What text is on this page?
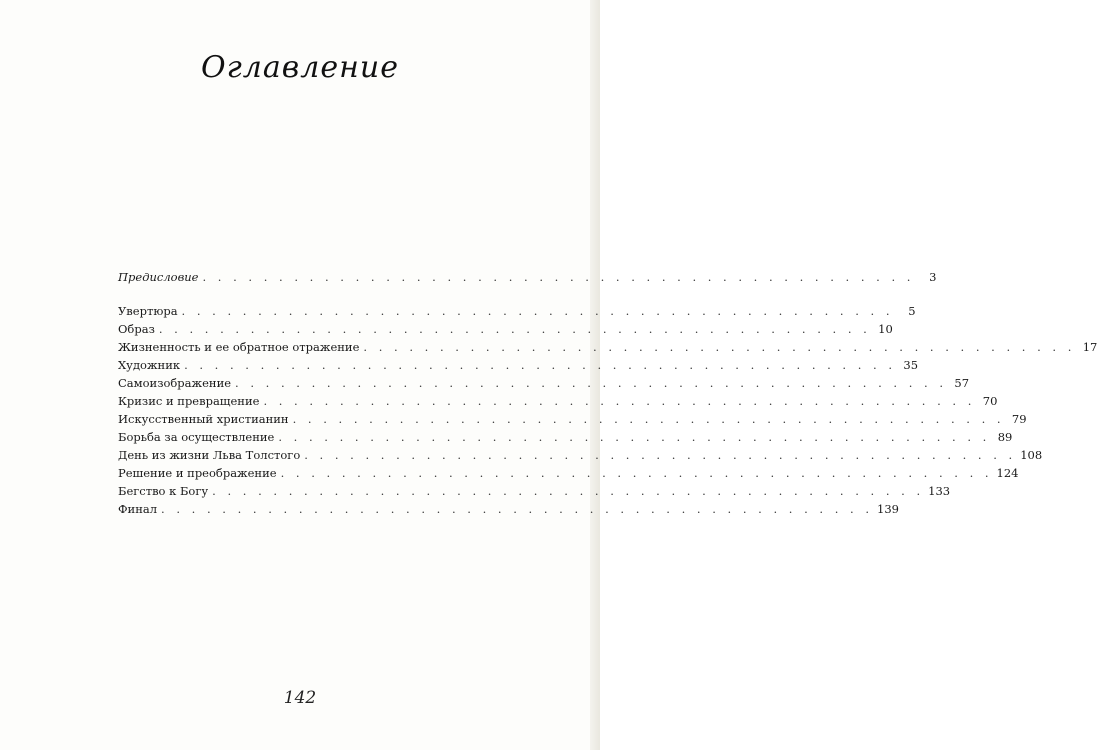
Оглавление
Предисловие . . . . . . . . . . . . . . . . . . . . . . . . . . . . . . . . . . . . . . . . . . . . . . .	3
Увертюра . . . . . . . . . . . . . . . . . . . . . . . . . . . . . . . . . . . . . . . . . . . . . . .	5
Образ . . . . . . . . . . . . . . . . . . . . . . . . . . . . . . . . . . . . . . . . . . . . . . . 10
Жизненность и ее обратное отражение . . . . . . . . . . . . . . . . . . . . . . . . . . . . . . . . . . . . . . . . . . . . . . . 17
Художник . . . . . . . . . . . . . . . . . . . . . . . . . . . . . . . . . . . . . . . . . . . . . . . 35
Самоизображение . . . . . . . . . . . . . . . . . . . . . . . . . . . . . . . . . . . . . . . . . . . . . . . 57
Кризис и превращение . . . . . . . . . . . . . . . . . . . . . . . . . . . . . . . . . . . . . . . . . . . . . . . 70
Искусственный христианин . . . . . . . . . . . . . . . . . . . . . . . . . . . . . . . . . . . . . . . . . . . . . . . 79
Борьба за осуществление . . . . . . . . . . . . . . . . . . . . . . . . . . . . . . . . . . . . . . . . . . . . . . . 89
День из жизни Льва Толстого . . . . . . . . . . . . . . . . . . . . . . . . . . . . . . . . . . . . . . . . . . . . . . . 108
Решение и преображение . . . . . . . . . . . . . . . . . . . . . . . . . . . . . . . . . . . . . . . . . . . . . . . 124
Бегство к Богу . . . . . . . . . . . . . . . . . . . . . . . . . . . . . . . . . . . . . . . . . . . . . . . 133
Финал . . . . . . . . . . . . . . . . . . . . . . . . . . . . . . . . . . . . . . . . . . . . . . . 139
142
